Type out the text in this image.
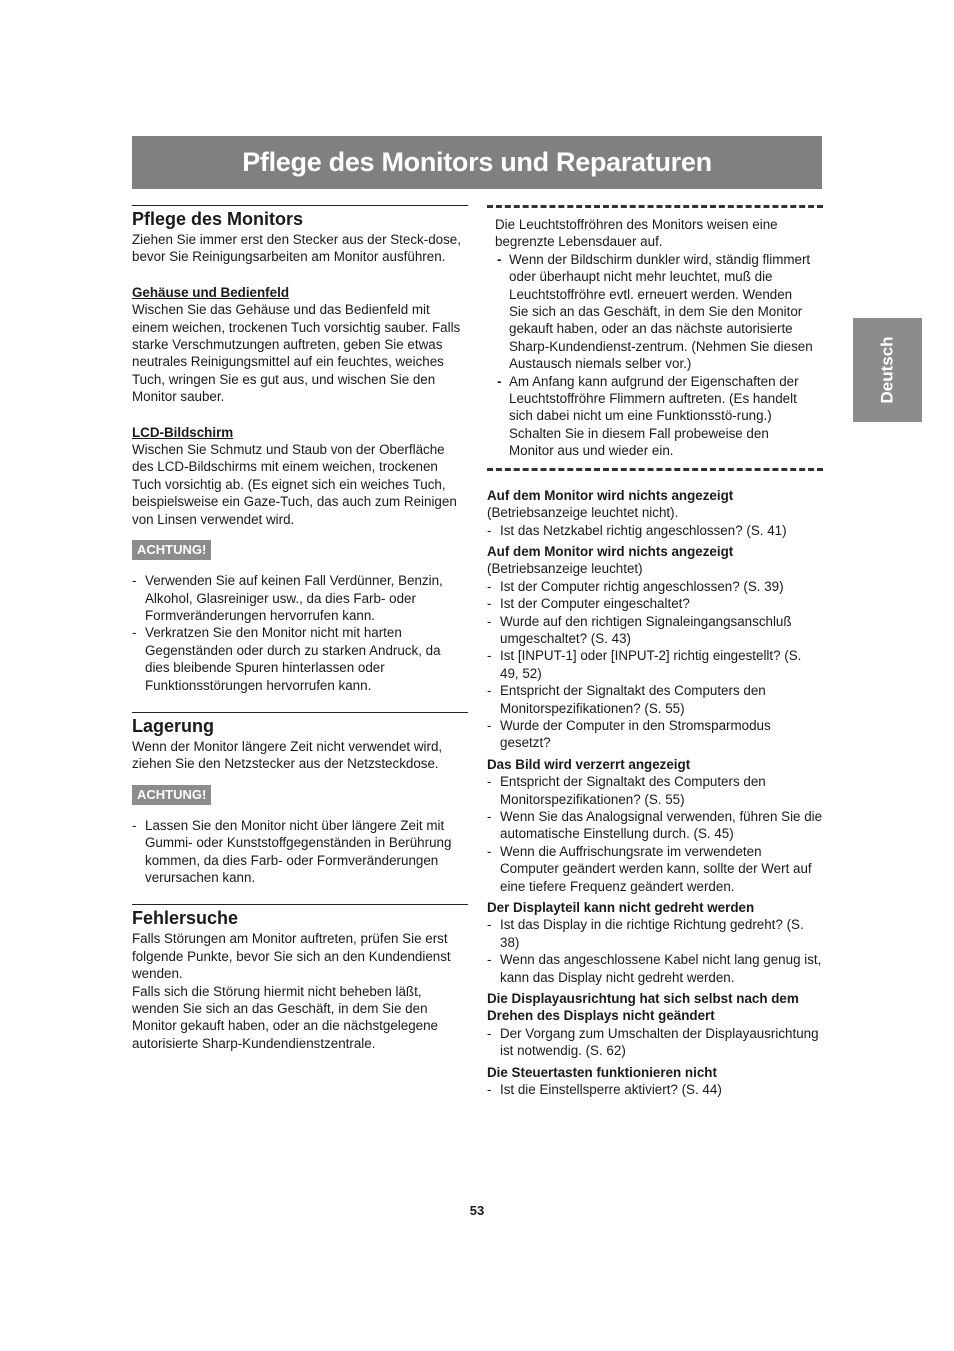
Pflege des Monitors und Reparaturen
Deutsch
Pflege des Monitors

Ziehen Sie immer erst den Stecker aus der Steck-dose, bevor Sie Reinigungsarbeiten am Monitor ausführen.

Gehäuse und Bedienfeld

Wischen Sie das Gehäuse und das Bedienfeld mit einem weichen, trockenen Tuch vorsichtig sauber. Falls starke Verschmutzungen auftreten, geben Sie etwas neutrales Reinigungsmittel auf ein feuchtes, weiches Tuch, wringen Sie es gut aus, und wischen Sie den Monitor sauber.

LCD-Bildschirm

Wischen Sie Schmutz und Staub von der Oberfläche des LCD-Bildschirms mit einem weichen, trockenen Tuch vorsichtig ab. (Es eignet sich ein weiches Tuch, beispielsweise ein Gaze-Tuch, das auch zum Reinigen von Linsen verwendet wird.

ACHTUNG!
- Verwenden Sie auf keinen Fall Verdünner, Benzin, Alkohol, Glasreiniger usw., da dies Farb- oder Formveränderungen hervorrufen kann.
- Verkratzen Sie den Monitor nicht mit harten Gegenständen oder durch zu starken Andruck, da dies bleibende Spuren hinterlassen oder Funktionsstörungen hervorrufen kann.
Lagerung

Wenn der Monitor längere Zeit nicht verwendet wird, ziehen Sie den Netzstecker aus der Netzsteckdose.

ACHTUNG!
- Lassen Sie den Monitor nicht über längere Zeit mit Gummi- oder Kunststoffgegenständen in Berührung kommen, da dies Farb- oder Formveränderungen verursachen kann.
Fehlersuche

Falls Störungen am Monitor auftreten, prüfen Sie erst folgende Punkte, bevor Sie sich an den Kundendienst wenden.

Falls sich die Störung hiermit nicht beheben läßt, wenden Sie sich an das Geschäft, in dem Sie den Monitor gekauft haben, oder an die nächstgelegene autorisierte Sharp-Kundendienstzentrale.

Die Leuchtstoffröhren des Monitors weisen eine begrenzte Lebensdauer auf.

- Wenn der Bildschirm dunkler wird, ständig flimmert oder überhaupt nicht mehr leuchtet, muß die Leuchtstoffröhre evtl. erneuert werden. Wenden Sie sich an das Geschäft, in dem Sie den Monitor gekauft haben, oder an das nächste autorisierte Sharp-Kundendienst-zentrum. (Nehmen Sie diesen Austausch niemals selber vor.)
- Am Anfang kann aufgrund der Eigenschaften der Leuchtstoffröhre Flimmern auftreten. (Es handelt sich dabei nicht um eine Funktionsstö-rung.) Schalten Sie in diesem Fall probeweise den Monitor aus und wieder ein.
Auf dem Monitor wird nichts angezeigt

(Betriebsanzeige leuchtet nicht).

- Ist das Netzkabel richtig angeschlossen? (S. 41)
Auf dem Monitor wird nichts angezeigt

(Betriebsanzeige leuchtet)

- Ist der Computer richtig angeschlossen? (S. 39)
- Ist der Computer eingeschaltet?
- Wurde auf den richtigen Signaleingangsanschluß umgeschaltet? (S. 43)
- Ist [INPUT-1] oder [INPUT-2] richtig eingestellt? (S. 49, 52)
- Entspricht der Signaltakt des Computers den Monitorspezifikationen? (S. 55)
- Wurde der Computer in den Stromsparmodus gesetzt?
Das Bild wird verzerrt angezeigt
- Entspricht der Signaltakt des Computers den Monitorspezifikationen? (S. 55)
- Wenn Sie das Analogsignal verwenden, führen Sie die automatische Einstellung durch. (S. 45)
- Wenn die Auffrischungsrate im verwendeten Computer geändert werden kann, sollte der Wert auf eine tiefere Frequenz geändert werden.
Der Displayteil kann nicht gedreht werden
- Ist das Display in die richtige Richtung gedreht? (S. 38)
- Wenn das angeschlossene Kabel nicht lang genug ist, kann das Display nicht gedreht werden.
Die Displayausrichtung hat sich selbst nach dem Drehen des Displays nicht geändert
- Der Vorgang zum Umschalten der Displayausrichtung ist notwendig. (S. 62)
Die Steuertasten funktionieren nicht
- Ist die Einstellsperre aktiviert? (S. 44)
53
